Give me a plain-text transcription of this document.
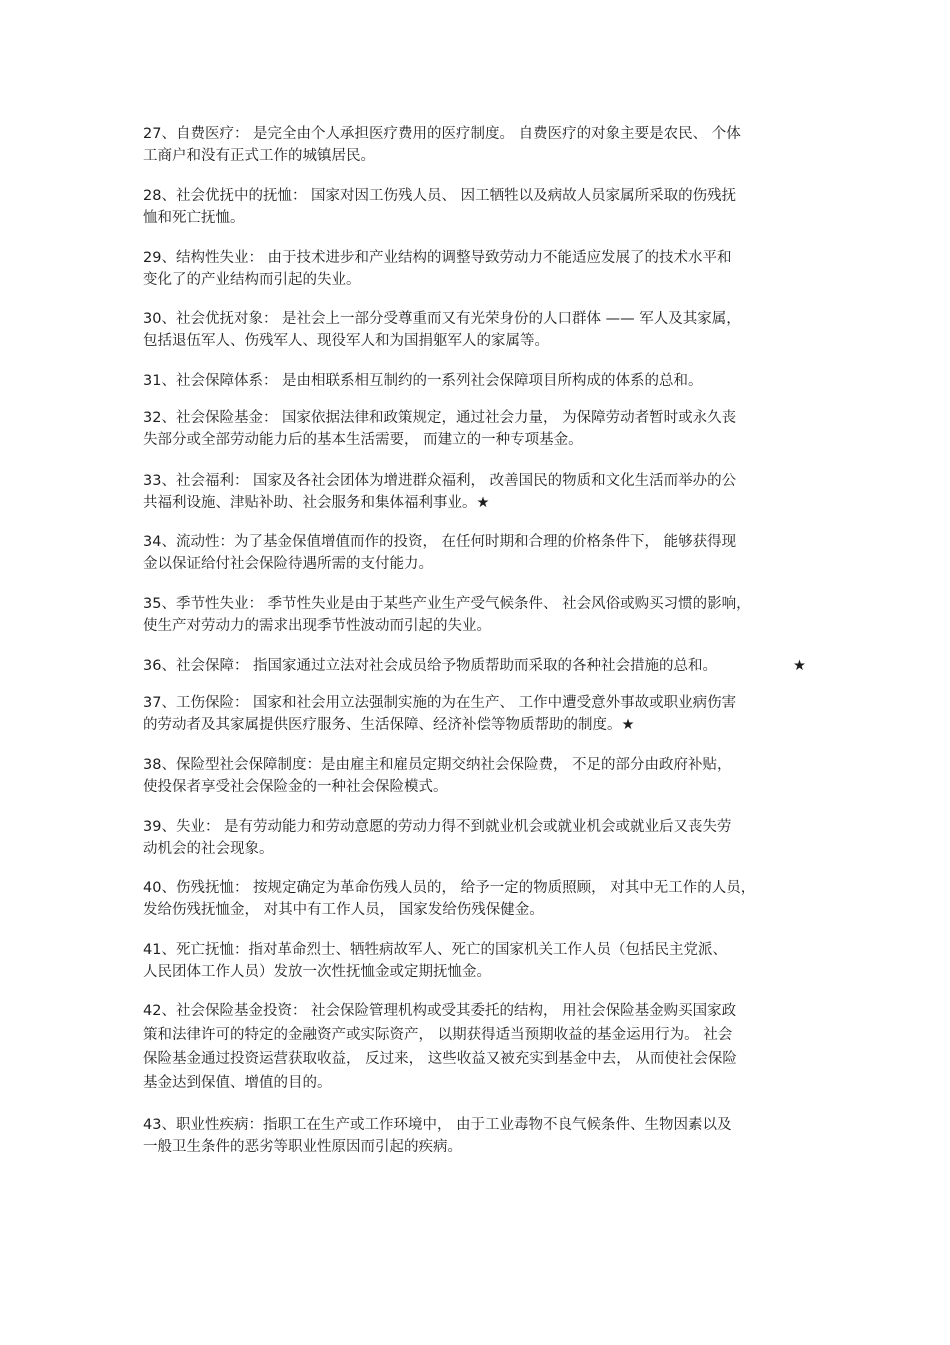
27、自费医疗： 是完全由个人承担医疗费用的医疗制度。 自费医疗的对象主要是农民、 个体
工商户和没有正式工作的城镇居民。
28、社会优抚中的抚恤： 国家对因工伤残人员、 因工牺牲以及病故人员家属所采取的伤残抚
恤和死亡抚恤。
29、结构性失业： 由于技术进步和产业结构的调整导致劳动力不能适应发展了的技术水平和
变化了的产业结构而引起的失业。
30、社会优抚对象： 是社会上一部分受尊重而又有光荣身份的人口群体 —— 军人及其家属，
包括退伍军人、伤残军人、现役军人和为国捐躯军人的家属等。
31、社会保障体系： 是由相联系相互制约的一系列社会保障项目所构成的体系的总和。
32、社会保险基金： 国家依据法律和政策规定，通过社会力量， 为保障劳动者暂时或永久丧
失部分或全部劳动能力后的基本生活需要， 而建立的一种专项基金。
33、社会福利： 国家及各社会团体为增进群众福利， 改善国民的物质和文化生活而举办的公
共福利设施、津贴补助、社会服务和集体福利事业。★
34、流动性：为了基金保值增值而作的投资， 在任何时期和合理的价格条件下， 能够获得现
金以保证给付社会保险待遇所需的支付能力。
35、季节性失业： 季节性失业是由于某些产业生产受气候条件、 社会风俗或购买习惯的影响，
使生产对劳动力的需求出现季节性波动而引起的失业。
36、社会保障： 指国家通过立法对社会成员给予物质帮助而采取的各种社会措施的总和。	★
37、工伤保险： 国家和社会用立法强制实施的为在生产、 工作中遭受意外事故或职业病伤害
的劳动者及其家属提供医疗服务、生活保障、经济补偿等物质帮助的制度。★
38、保险型社会保障制度：是由雇主和雇员定期交纳社会保险费， 不足的部分由政府补贴，
使投保者享受社会保险金的一种社会保险模式。
39、失业： 是有劳动能力和劳动意愿的劳动力得不到就业机会或就业机会或就业后又丧失劳
动机会的社会现象。
40、伤残抚恤： 按规定确定为革命伤残人员的， 给予一定的物质照顾， 对其中无工作的人员，
发给伤残抚恤金， 对其中有工作人员， 国家发给伤残保健金。
41、死亡抚恤：指对革命烈士、牺牲病故军人、死亡的国家机关工作人员（包括民主党派、
人民团体工作人员）发放一次性抚恤金或定期抚恤金。
42、社会保险基金投资： 社会保险管理机构或受其委托的结构， 用社会保险基金购买国家政
策和法律许可的特定的金融资产或实际资产， 以期获得适当预期收益的基金运用行为。 社会
保险基金通过投资运营获取收益， 反过来， 这些收益又被充实到基金中去， 从而使社会保险
基金达到保值、增值的目的。
43、职业性疾病：指职工在生产或工作环境中， 由于工业毒物不良气候条件、生物因素以及
一般卫生条件的恶劣等职业性原因而引起的疾病。
